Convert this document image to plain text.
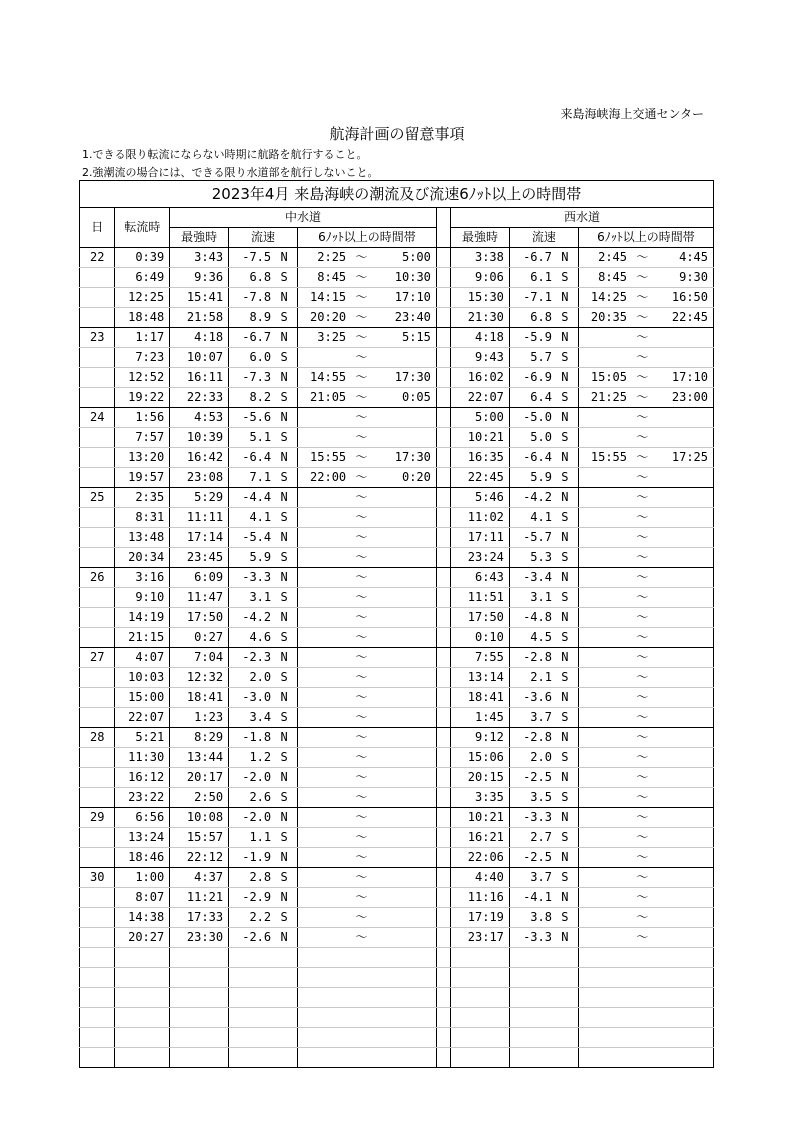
来島海峡海上交通センター
航海計画の留意事項
1.できる限り転流にならない時期に航路を航行すること。
2.強潮流の場合には、できる限り水道部を航行しないこと。
2023年4月 来島海峡の潮流及び流速6ﾉｯﾄ以上の時間帯														
日	転流時	中水道							西水道					
		最強時	流速		6ﾉｯﾄ以上の時間帯				最強時	流速		6ﾉｯﾄ以上の時間帯		
22	0:39	3:43	-7.5	N	2:25	〜	5:00		3:38	-6.7	N	2:45	〜	4:45
	6:49	9:36	6.8	S	8:45	〜	10:30		9:06	6.1	S	8:45	〜	9:30
	12:25	15:41	-7.8	N	14:15	〜	17:10		15:30	-7.1	N	14:25	〜	16:50
	18:48	21:58	8.9	S	20:20	〜	23:40		21:30	6.8	S	20:35	〜	22:45
23	1:17	4:18	-6.7	N	3:25	〜	5:15		4:18	-5.9	N		〜	
	7:23	10:07	6.0	S		〜			9:43	5.7	S		〜	
	12:52	16:11	-7.3	N	14:55	〜	17:30		16:02	-6.9	N	15:05	〜	17:10
	19:22	22:33	8.2	S	21:05	〜	0:05		22:07	6.4	S	21:25	〜	23:00
24	1:56	4:53	-5.6	N		〜			5:00	-5.0	N		〜	
	7:57	10:39	5.1	S		〜			10:21	5.0	S		〜	
	13:20	16:42	-6.4	N	15:55	〜	17:30		16:35	-6.4	N	15:55	〜	17:25
	19:57	23:08	7.1	S	22:00	〜	0:20		22:45	5.9	S		〜	
25	2:35	5:29	-4.4	N		〜			5:46	-4.2	N		〜	
	8:31	11:11	4.1	S		〜			11:02	4.1	S		〜	
	13:48	17:14	-5.4	N		〜			17:11	-5.7	N		〜	
	20:34	23:45	5.9	S		〜			23:24	5.3	S		〜	
26	3:16	6:09	-3.3	N		〜			6:43	-3.4	N		〜	
	9:10	11:47	3.1	S		〜			11:51	3.1	S		〜	
	14:19	17:50	-4.2	N		〜			17:50	-4.8	N		〜	
	21:15	0:27	4.6	S		〜			0:10	4.5	S		〜	
27	4:07	7:04	-2.3	N		〜			7:55	-2.8	N		〜	
	10:03	12:32	2.0	S		〜			13:14	2.1	S		〜	
	15:00	18:41	-3.0	N		〜			18:41	-3.6	N		〜	
	22:07	1:23	3.4	S		〜			1:45	3.7	S		〜	
28	5:21	8:29	-1.8	N		〜			9:12	-2.8	N		〜	
	11:30	13:44	1.2	S		〜			15:06	2.0	S		〜	
	16:12	20:17	-2.0	N		〜			20:15	-2.5	N		〜	
	23:22	2:50	2.6	S		〜			3:35	3.5	S		〜	
29	6:56	10:08	-2.0	N		〜			10:21	-3.3	N		〜	
	13:24	15:57	1.1	S		〜			16:21	2.7	S		〜	
	18:46	22:12	-1.9	N		〜			22:06	-2.5	N		〜	
30	1:00	4:37	2.8	S		〜			4:40	3.7	S		〜	
	8:07	11:21	-2.9	N		〜			11:16	-4.1	N		〜	
	14:38	17:33	2.2	S		〜			17:19	3.8	S		〜	
	20:27	23:30	-2.6	N		〜			23:17	-3.3	N		〜	
